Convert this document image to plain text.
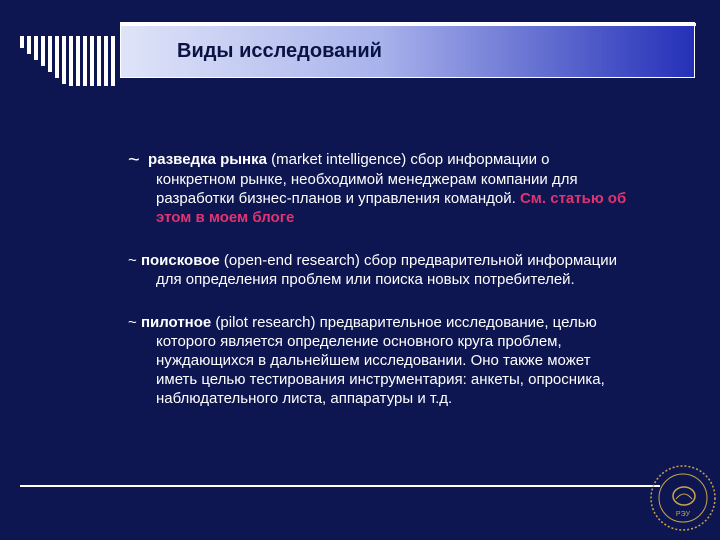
Виды исследований
~ разведка рынка (market intelligence) сбор информации о
конкретном рынке, необходимой менеджерам компании для
разработки бизнес-планов и управления командой. См. статью об
этом в моем блоге
~ поисковое (open-end research) сбор предварительной информации
для определения проблем или поиска новых потребителей.
~ пилотное (pilot research) предварительное исследование, целью
которого является определение основного круга проблем,
нуждающихся в дальнейшем исследовании. Оно также может
иметь целью тестирования инструментария: анкеты, опросника,
наблюдательного листа, аппаратуры и т.д.
РЭУ
